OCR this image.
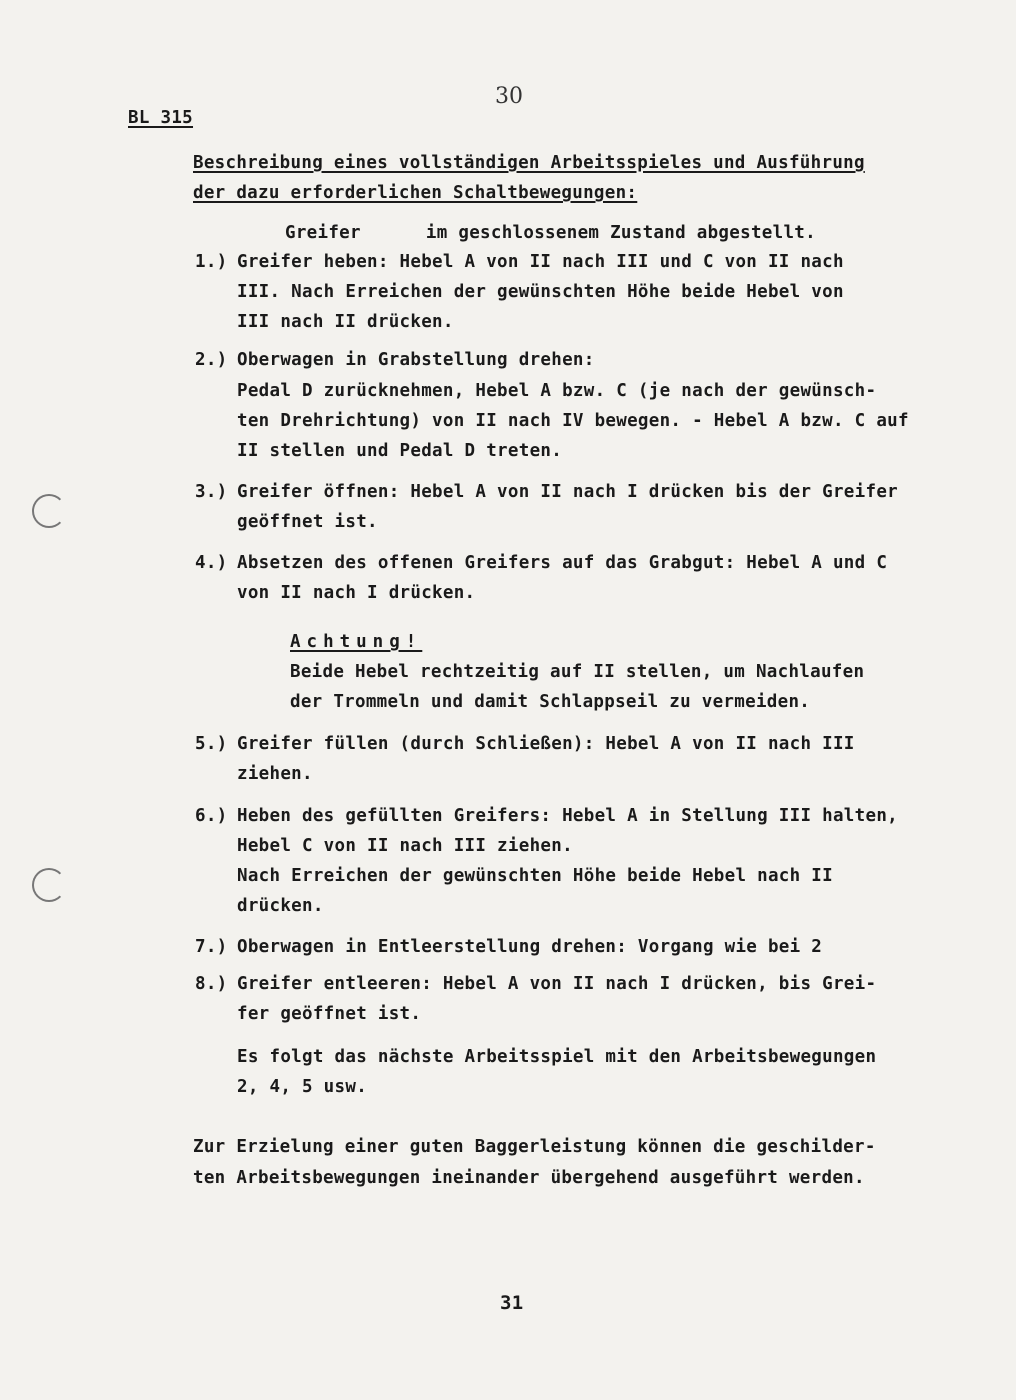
30
BL 315
Beschreibung eines vollständigen Arbeitsspieles und Ausführung
der dazu erforderlichen Schaltbewegungen:
Greifer      im geschlossenem Zustand abgestellt.
1.) Greifer heben: Hebel A von II nach III und C von II nach
III. Nach Erreichen der gewünschten Höhe beide Hebel von
III nach II drücken.
2.) Oberwagen in Grabstellung drehen:
Pedal D zurücknehmen, Hebel A bzw. C (je nach der gewünsch-
ten Drehrichtung) von II nach IV bewegen. - Hebel A bzw. C auf
II stellen und Pedal D treten.
3.) Greifer öffnen: Hebel A von II nach I drücken bis der Greifer
geöffnet ist.
4.) Absetzen des offenen Greifers auf das Grabgut: Hebel A und C
von II nach I drücken.
Achtung!
Beide Hebel rechtzeitig auf II stellen, um Nachlaufen
der Trommeln und damit Schlappseil zu vermeiden.
5.) Greifer füllen (durch Schließen): Hebel A von II nach III
ziehen.
6.) Heben des gefüllten Greifers: Hebel A in Stellung III halten,
Hebel C von II nach III ziehen.
Nach Erreichen der gewünschten Höhe beide Hebel nach II
drücken.
7.) Oberwagen in Entleerstellung drehen: Vorgang wie bei 2
8.) Greifer entleeren: Hebel A von II nach I drücken, bis Grei-
fer geöffnet ist.
Es folgt das nächste Arbeitsspiel mit den Arbeitsbewegungen
2, 4, 5 usw.
Zur Erzielung einer guten Baggerleistung können die geschilder-
ten Arbeitsbewegungen ineinander übergehend ausgeführt werden.
31
